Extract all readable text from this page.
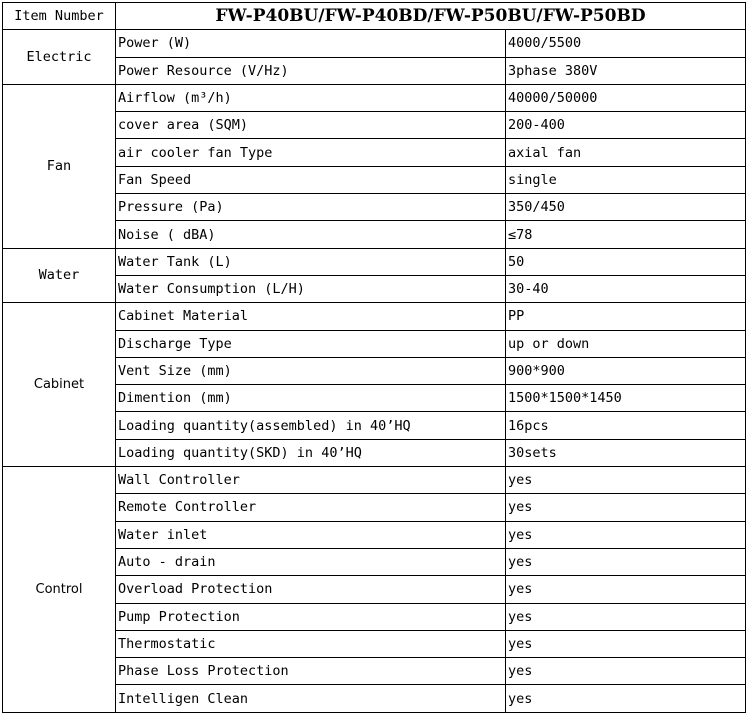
Item Number	FW-P40BU/FW-P40BD/FW-P50BU/FW-P50BD	
Electric	Power (W)	4000/5500
	Power Resource (V/Hz)	3phase 380V
Fan	Airflow (m³/h)	40000/50000
	cover area (SQM)	200-400
	air cooler fan Type	axial fan
	Fan Speed	single
	Pressure (Pa)	350/450
	Noise ( dBA)	≤78
Water	Water Tank (L)	50
	Water Consumption (L/H)	30-40
Cabinet	Cabinet Material	PP
	Discharge Type	up or down
	Vent Size (mm)	900*900
	Dimention (mm)	1500*1500*1450
	Loading quantity(assembled) in 40’HQ	16pcs
	Loading quantity(SKD) in 40’HQ	30sets
Control	Wall Controller	yes
	Remote Controller	yes
	Water inlet	yes
	Auto - drain	yes
	Overload Protection	yes
	Pump Protection	yes
	Thermostatic	yes
	Phase Loss Protection	yes
	Intelligen Clean	yes
